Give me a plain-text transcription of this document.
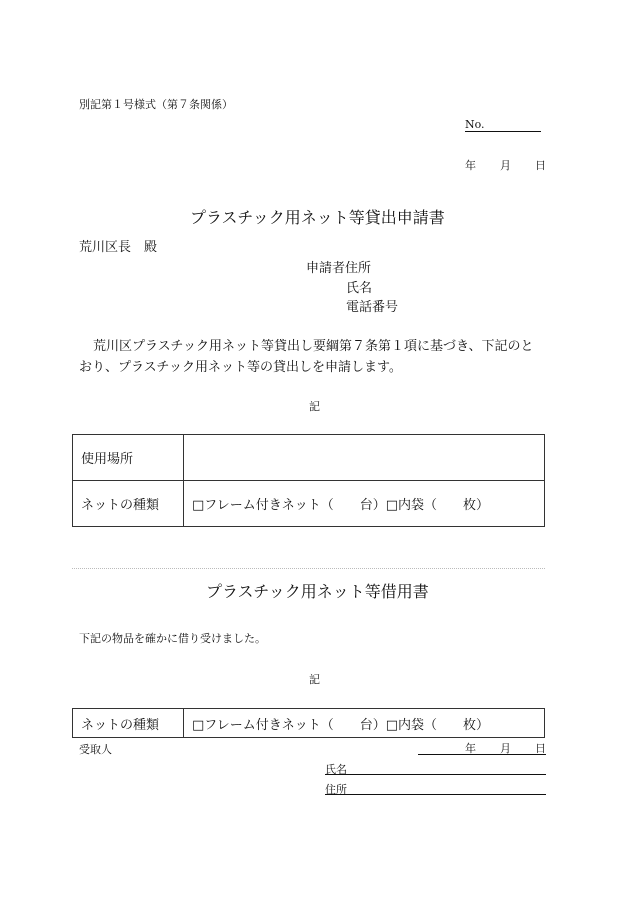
別記第１号様式（第７条関係）
No.
年 月 日
プラスチック用ネット等貸出申請書
荒川区長　殿
申請者住所
氏名
電話番号
荒川区プラスチック用ネット等貸出し要綱第７条第１項に基づき、下記のと
おり、プラスチック用ネット等の貸出しを申請します。
記
使用場所	
ネットの種類	□フレーム付きネット（　　台）□内袋（　　枚）
プラスチック用ネット等借用書
下記の物品を確かに借り受けました。
記
ネットの種類	□フレーム付きネット（　　台）□内袋（　　枚）
受取人	年 月 日
氏名
住所
